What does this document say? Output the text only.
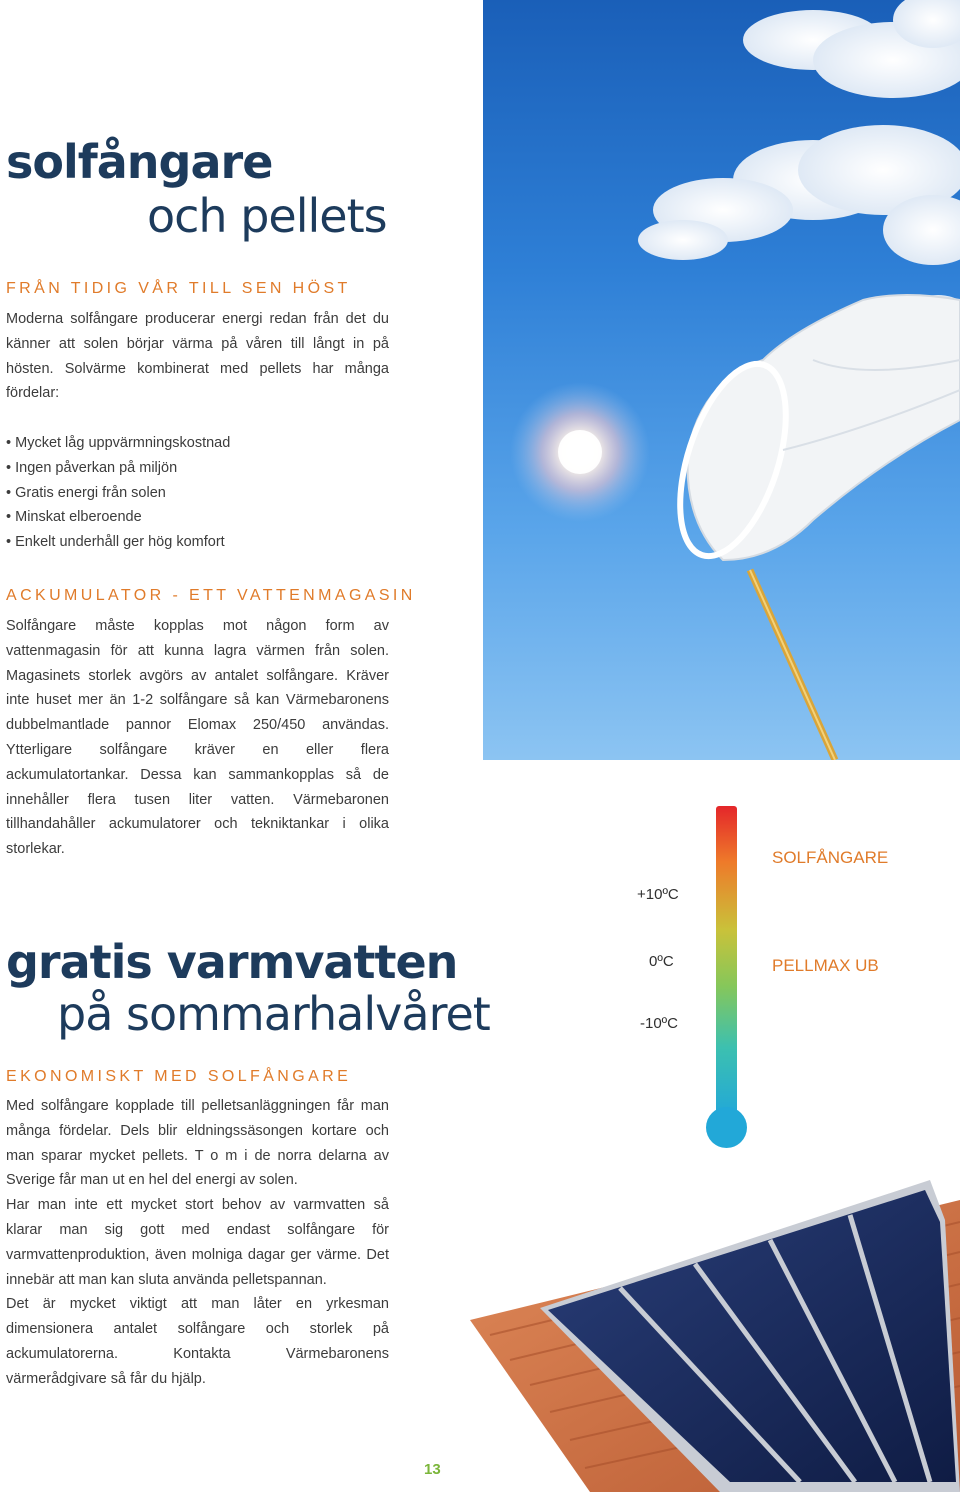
solfångare
och pellets
FRÅN TIDIG VÅR TILL SEN HÖST

Moderna solfångare producerar energi redan från det du känner att solen börjar värma på våren till långt in på hösten. Solvärme kombinerat med pellets har många fördelar:

• Mycket låg uppvärmningskostnad
• Ingen påverkan på miljön
• Gratis energi från solen
• Minskat elberoende
• Enkelt underhåll ger hög komfort
ACKUMULATOR - ETT VATTENMAGASIN

Solfångare måste kopplas mot någon form av vattenmagasin för att kunna lagra värmen från solen. Magasinets storlek avgörs av antalet solfångare. Kräver inte huset mer än 1-2 solfångare så kan Värmebaronens dubbelmantlade pannor Elomax 250/450 användas. Ytterligare solfångare kräver en eller flera ackumulatortankar. Dessa kan sammankopplas så de innehåller flera tusen liter vatten. Värmebaronen tillhandahåller ackumulatorer och tekniktankar i olika storlekar.

gratis varmvatten
på sommarhalvåret
EKONOMISKT MED SOLFÅNGARE

Med solfångare kopplade till pelletsanläggningen får man många fördelar. Dels blir eldningssäsongen kortare och man sparar mycket pellets. T o m i de norra delarna av Sverige får man ut en hel del energi av solen.

Har man inte ett mycket stort behov av varmvatten så klarar man sig gott med endast solfångare för varmvattenproduktion, även molniga dagar ger värme. Det innebär att man kan sluta använda pelletspannan.

Det är mycket viktigt att man låter en yrkesman dimensionera antalet solfångare och storlek på ackumulatorerna. Kontakta Värmebaronens värmerådgivare så får du hjälp.

+10ºC
0ºC
-10ºC
SOLFÅNGARE
PELLMAX UB
13
